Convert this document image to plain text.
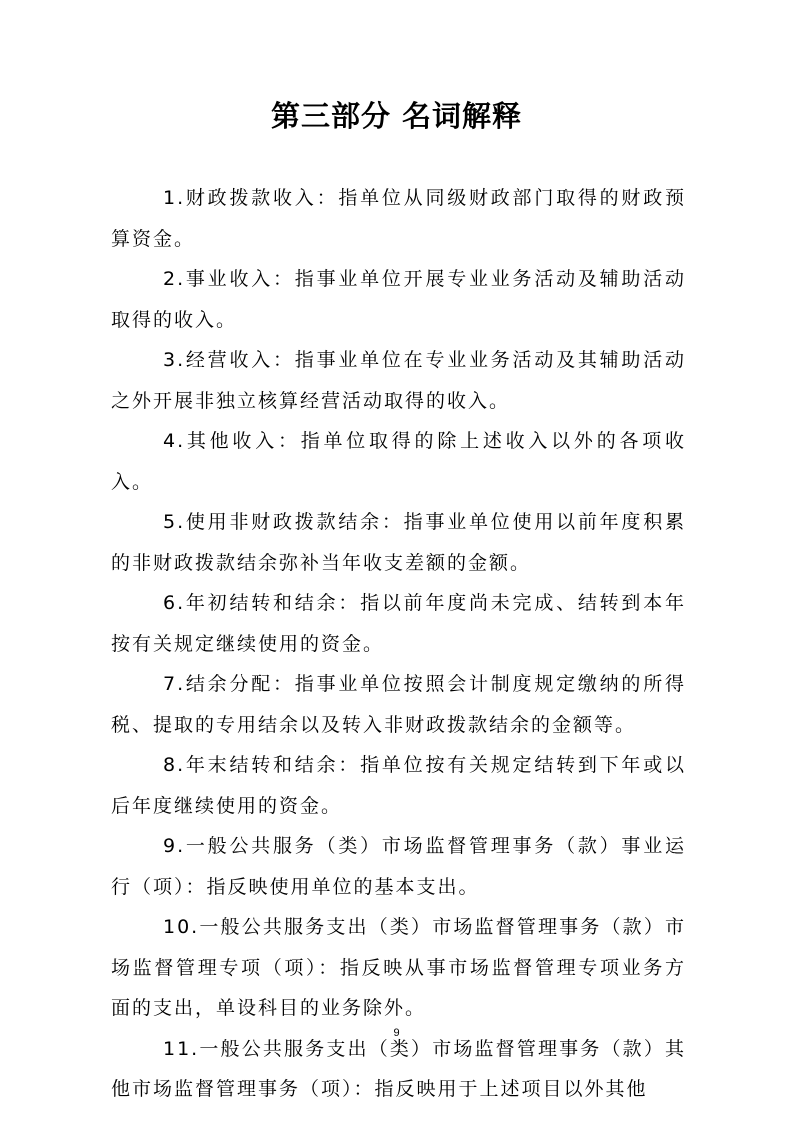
第三部分 名词解释

1.财政拨款收入：指单位从同级财政部门取得的财政预算资金。

2.事业收入：指事业单位开展专业业务活动及辅助活动取得的收入。

3.经营收入：指事业单位在专业业务活动及其辅助活动之外开展非独立核算经营活动取得的收入。

4.其他收入：指单位取得的除上述收入以外的各项收入。

5.使用非财政拨款结余：指事业单位使用以前年度积累的非财政拨款结余弥补当年收支差额的金额。

6.年初结转和结余：指以前年度尚未完成、结转到本年按有关规定继续使用的资金。

7.结余分配：指事业单位按照会计制度规定缴纳的所得税、提取的专用结余以及转入非财政拨款结余的金额等。

8.年末结转和结余：指单位按有关规定结转到下年或以后年度继续使用的资金。

9.一般公共服务（类）市场监督管理事务（款）事业运行（项）：指反映使用单位的基本支出。

10.一般公共服务支出（类）市场监督管理事务（款）市场监督管理专项（项）：指反映从事市场监督管理专项业务方面的支出，单设科目的业务除外。

11.一般公共服务支出（类）市场监督管理事务（款）其他市场监督管理事务（项）：指反映用于上述项目以外其他

9
